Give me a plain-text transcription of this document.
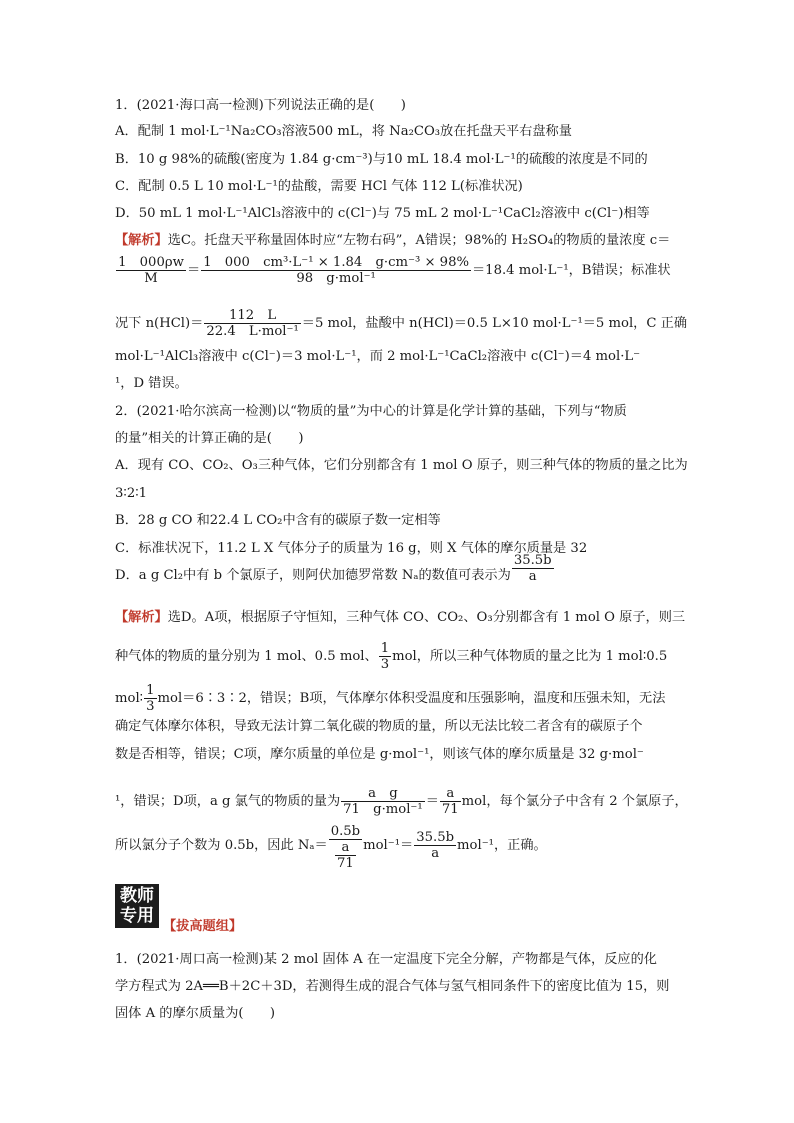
1．(2021·海口高一检测)下列说法正确的是(　　)
A．配制 1 mol·L⁻¹Na₂CO₃溶液500 mL，将 Na₂CO₃放在托盘天平右盘称量
B．10 g 98%的硫酸(密度为 1.84 g·cm⁻³)与10 mL 18.4 mol·L⁻¹的硫酸的浓度是不同的
C．配制 0.5 L 10 mol·L⁻¹的盐酸，需要 HCl 气体 112 L(标准状况)
D．50 mL 1 mol·L⁻¹AlCl₃溶液中的 c(Cl⁻)与 75 mL 2 mol·L⁻¹CaCl₂溶液中 c(Cl⁻)相等
【解析】选C。托盘天平称量固体时应“左物右码”，A错误；98%的 H₂SO₄的物质的量浓度 c＝
$\frac{1 000\rho w}{M} = \frac{\text{1　000　cm³·L⁻¹ × 1.84　g·cm⁻³ × 98\%}}{\text{98　g·mol⁻¹}} =18.4$ mol·L⁻¹，B错误；标准状
况下 $n(HCl)= \frac{112 L}{\text{22.4　L·mol⁻¹}} =5$ mol，盐酸中 n(HCl)＝0.5 L×10 mol·L⁻¹＝5 mol，C 正确
mol·L⁻¹AlCl₃溶液中 c(Cl⁻)＝3 mol·L⁻¹，而 2 mol·L⁻¹CaCl₂溶液中 c(Cl⁻)＝4 mol·L⁻
¹，D 错误。
2．(2021·哈尔滨高一检测)以“物质的量”为中心的计算是化学计算的基础，下列与“物质
的量”相关的计算正确的是(　　)
A．现有 CO、CO₂、O₃三种气体，它们分别都含有 1 mol O 原子，则三种气体的物质的量之比为
3∶2∶1
B．28 g CO 和22.4 L CO₂中含有的碳原子数一定相等
C．标准状况下，11.2 L X 气体分子的质量为 16 g，则 X 气体的摩尔质量是 32
D．a g Cl₂中有 b 个氯原子，则阿伏加德罗常数 Nₐ的数值可表示为 $\frac{35.5b}{a}$
【解析】选D。A项，根据原子守恒知，三种气体 CO、CO₂、O₃分别都含有 1 mol O 原子，则三
种气体的物质的量分别为 1 mol、0.5 mol、 $\frac{1}{3}$ mol，所以三种气体物质的量之比为 1 mol∶0.5
mol∶ $\frac{1}{3}$ mol＝6∶3∶2，错误；B项，气体摩尔体积受温度和压强影响，温度和压强未知，无法
确定气体摩尔体积，导致无法计算二氧化碳的物质的量，所以无法比较二者含有的碳原子个
数是否相等，错误；C项，摩尔质量的单位是 g·mol⁻¹，则该气体的摩尔质量是 32 g·mol⁻
¹，错误；D项，a g 氯气的物质的量为 $\frac{\text{a　g}}{\text{71　g·mol⁻¹}} = \frac{a}{71}$ mol，每个氯分子中含有 2 个氯原子，
所以氯分子个数为 0.5b，因此 $N_a= \frac{0.5b}{\frac{a}{71}} mol^{-1}= \frac{35.5b}{a} mol^{-1}$，正确。
教师
专用
【拔高题组】
1．(2021·周口高一检测)某 2 mol 固体 A 在一定温度下完全分解，产物都是气体，反应的化
学方程式为 2A══B＋2C＋3D，若测得生成的混合气体与氢气相同条件下的密度比值为 15，则
固体 A 的摩尔质量为(　　)
